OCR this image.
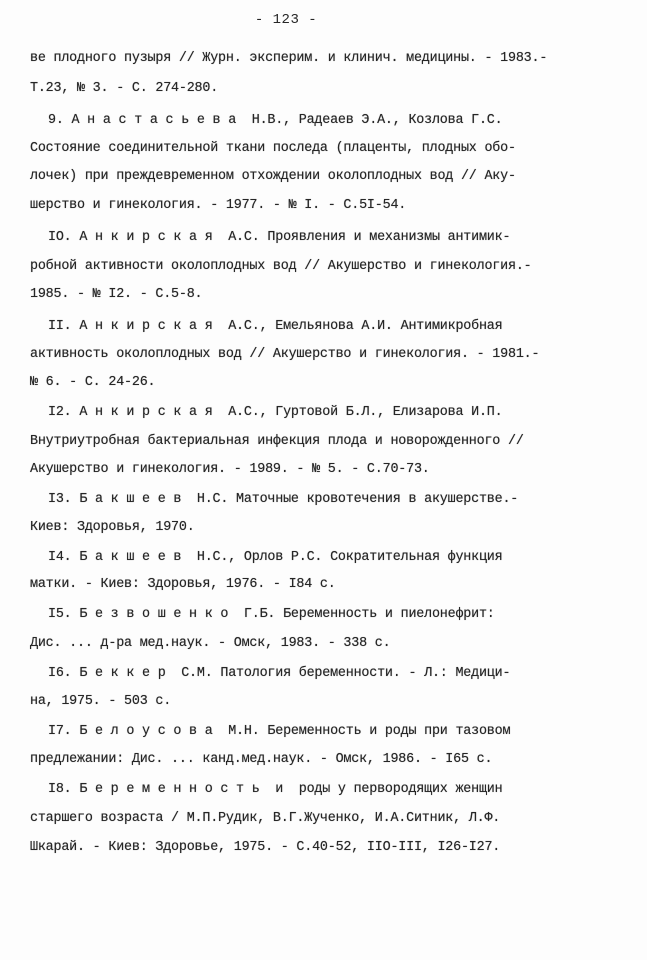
- 123 -
ве плодного пузыря // Журн. эксперим. и клинич. медицины. - 1983.-
Т.23, № 3. - С. 274-280.
9. А н а с т а с ь е в а  Н.В., Радеаев Э.А., Козлова Г.С.
Состояние соединительной ткани последа (плаценты, плодных обо-
лочек) при преждевременном отхождении околоплодных вод // Аку-
шерство и гинекология. - 1977. - № I. - С.5I-54.
IO. А н к и р с к а я  А.С. Проявления и механизмы антимик-
робной активности околоплодных вод // Акушерство и гинекология.-
1985. - № I2. - С.5-8.
II. А н к и р с к а я  А.С., Емельянова А.И. Антимикробная
активность околоплодных вод // Акушерство и гинекология. - 1981.-
№ 6. - С. 24-26.
I2. А н к и р с к а я  А.С., Гуртовой Б.Л., Елизарова И.П.
Внутриутробная бактериальная инфекция плода и новорожденного //
Акушерство и гинекология. - 1989. - № 5. - С.70-73.
I3. Б а к ш е е в  Н.С. Маточные кровотечения в акушерстве.-
Киев: Здоровья, 1970.
I4. Б а к ш е е в  Н.С., Орлов Р.С. Сократительная функция
матки. - Киев: Здоровья, 1976. - I84 с.
I5. Б е з в о ш е н к о  Г.Б. Беременность и пиелонефрит:
Дис. ... д-ра мед.наук. - Омск, 1983. - 338 с.
I6. Б е к к е р  С.М. Патология беременности. - Л.: Медици-
на, 1975. - 503 с.
I7. Б е л о у с о в а  М.Н. Беременность и роды при тазовом
предлежании: Дис. ... канд.мед.наук. - Омск, 1986. - I65 с.
I8. Б е р е м е н н о с т ь  и  роды у первородящих женщин
старшего возраста / М.П.Рудик, В.Г.Жученко, И.А.Ситник, Л.Ф.
Шкарай. - Киев: Здоровье, 1975. - С.40-52, IIO-III, I26-I27.
